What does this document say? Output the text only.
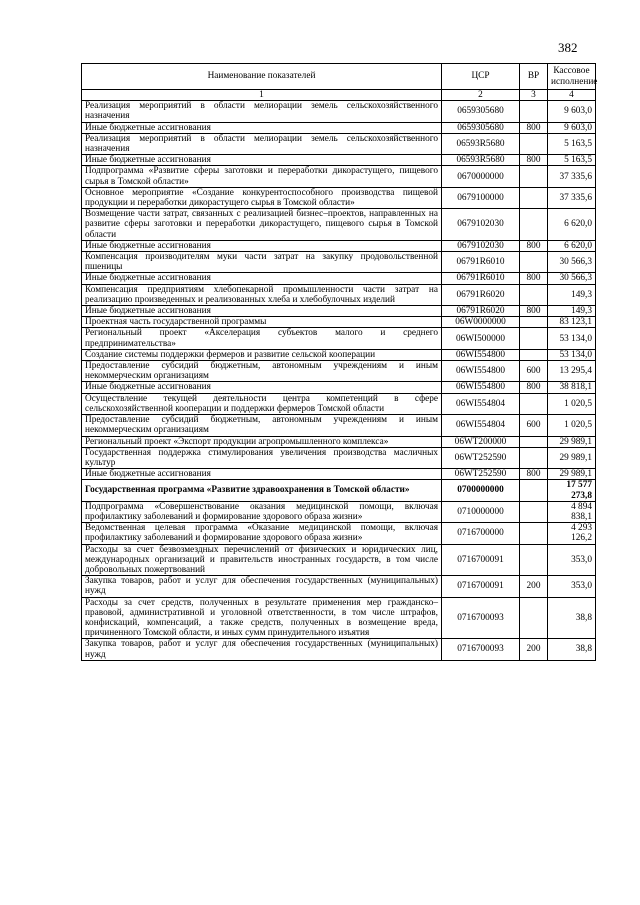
382
Наименование показателей	ЦСР	ВР	Кассовое исполнение
1	2	3	4
Реализация мероприятий в области мелиорации земель сельскохозяйственного назначения	0659305680		9 603,0
Иные бюджетные ассигнования	0659305680	800	9 603,0
Реализация мероприятий в области мелиорации земель сельскохозяйственного назначения	06593R5680		5 163,5
Иные бюджетные ассигнования	06593R5680	800	5 163,5
Подпрограмма «Развитие сферы заготовки и переработки дикорастущего, пищевого сырья в Томской области»	0670000000		37 335,6
Основное мероприятие «Создание конкурентоспособного производства пищевой продукции и переработки дикорастущего сырья в Томской области»	0679100000		37 335,6
Возмещение части затрат, связанных с реализацией бизнес–проектов, направленных на развитие сферы заготовки и переработки дикорастущего, пищевого сырья в Томской области	0679102030		6 620,0
Иные бюджетные ассигнования	0679102030	800	6 620,0
Компенсация производителям муки части затрат на закупку продовольственной пшеницы	06791R6010		30 566,3
Иные бюджетные ассигнования	06791R6010	800	30 566,3
Компенсация предприятиям хлебопекарной промышленности части затрат на реализацию произведенных и реализованных хлеба и хлебобулочных изделий	06791R6020		149,3
Иные бюджетные ассигнования	06791R6020	800	149,3
Проектная часть государственной программы	06W0000000		83 123,1
Региональный проект «Акселерация субъектов малого и среднего предпринимательства»	06WI500000		53 134,0
Создание системы поддержки фермеров и развитие сельской кооперации	06WI554800		53 134,0
Предоставление субсидий бюджетным, автономным учреждениям и иным некоммерческим организациям	06WI554800	600	13 295,4
Иные бюджетные ассигнования	06WI554800	800	38 818,1
Осуществление текущей деятельности центра компетенций в сфере сельскохозяйственной кооперации и поддержки фермеров Томской области	06WI554804		1 020,5
Предоставление субсидий бюджетным, автономным учреждениям и иным некоммерческим организациям	06WI554804	600	1 020,5
Региональный проект «Экспорт продукции агропромышленного комплекса»	06WT200000		29 989,1
Государственная поддержка стимулирования увеличения производства масличных культур	06WT252590		29 989,1
Иные бюджетные ассигнования	06WT252590	800	29 989,1
Государственная программа «Развитие здравоохранения в Томской области»	0700000000		17 577 273,8
Подпрограмма «Совершенствование оказания медицинской помощи, включая профилактику заболеваний и формирование здорового образа жизни»	0710000000		4 894 838,1
Ведомственная целевая программа «Оказание медицинской помощи, включая профилактику заболеваний и формирование здорового образа жизни»	0716700000		4 293 126,2
Расходы за счет безвозмездных перечислений от физических и юридических лиц, международных организаций и правительств иностранных государств, в том числе добровольных пожертвований	0716700091		353,0
Закупка товаров, работ и услуг для обеспечения государственных (муниципальных) нужд	0716700091	200	353,0
Расходы за счет средств, полученных в результате применения мер гражданско–правовой, административной и уголовной ответственности, в том числе штрафов, конфискаций, компенсаций, а также средств, полученных в возмещение вреда, причиненного Томской области, и иных сумм принудительного изъятия	0716700093		38,8
Закупка товаров, работ и услуг для обеспечения государственных (муниципальных) нужд	0716700093	200	38,8
